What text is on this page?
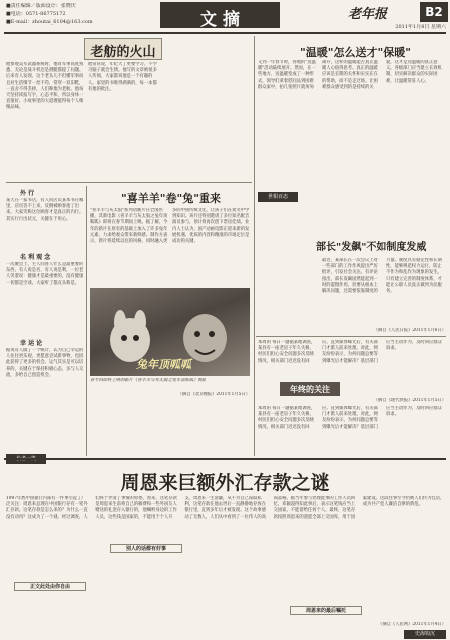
■责任编辑／版面设计：张晓庆
■电话：0571-86775172
■E-mail：zhoutai_6104@163.com	文 摘	老年报	B2
2011年1月8日 星期六
老舫的火山
他参观美军武器系统时，他对军事高度熟悉，无论是战斗机还是潜艇都提了问题。后来有人发现，这个老头儿不但懂军事而且对生活细节一丝不苟，常穿一双旧鞋，一直舍不得丢掉，人们称他为老舫。他每天坚持读报写字，心态平和，所以身体一直很好。小故事里的大道理值得每个人细细品味。
他常常说，年纪大了更要学习，不学习脑子就会生锈。他写的文章被很多人传阅，大家都说他是一个有趣的人。家里的书堆得满满的，每一本都有他的批注。
外 行
某天在一家书店，有人问店员某本书在哪里，店员答不上来，反倒被顾客指了出来。大家笑称这位顾客才是真正的内行。其实行行出状元，关键在于用心。
名 利 观 念
一次聚会上，主人问客人什么是最重要的东西，有人说是名，有人说是利，一位老人笑着说：健康才是最重要的，没有健康一切都是空谈。大家听了都点头称是。
幸 运 论
据说有人做了一个统计，认为自己幸运的人往往更乐观，更愿意尝试新事物，也因此获得了更多的机会。运气其实是可以培养的，关键在于保持积极心态，多与人交流，多给自己创造机会。
"喜羊羊"卷"兔"重来
"喜羊羊与灰太狼"系列动画片在全国热播，其新电影《喜羊羊与灰太狼之兔年顶呱呱》即将在春节期间上映。据了解，今年的新片在原有的基础上加入了许多兔年元素，力求给观众带来新鲜感。制作方表示，新片将延续以往的风格，同时融入更多的中国传统文化，让孩子们在欢笑中学到知识。该片还特别邀请了多位知名配音演员参与，预计将再次创下票房佳绩。业内人士认为，国产动画电影正迎来新的发展机遇，优质的内容和精准的市场定位是成功的关键。
兔年顶呱呱
春节档即将上映的新片《喜羊羊与灰太狼之兔年顶呱呱》海报
（摘自《北京晚报》2011年1月5日）
"温暖"怎么送才"保暖"
又到一年春节时，各地的"送温暖"活动陆续展开。然而，在一些地方，送温暖变成了一种形式，领导们拿着慰问品到困难群众家中，拍几张照片就匆匆离开，这样的温暖能否真正温暖人心值得思考。真正的温暖应该是长期的关怀和实实在在的帮助，而不是走过场。让困难群众感受到的是持续的关爱，这才是送温暖的真正意义。各级部门应当建立长效机制，切实解决群众的实际困难，让温暖常驻人心。
世相百态
部长"发飙"不如制度发威
最近，某部长在一次会议上对一些部门的工作作风提出严厉批评，引发社会关注。有评论指出，部长发飙固然能起到一时的震慑作用，但要从根本上解决问题，还需要依靠制度的力量。制度具有稳定性和长期性，能够规范权力运行，防止不作为和乱作为现象的发生。只有建立完善的制度体系，才能让公职人员真正做到为民服务。
（摘自《人民日报》2011年1月6日）
本周的 每日一题据某地调查，某县有一座老房子年久失修，村民们担心安全问题多次反映情况，相关部门迟迟没有回应。直到媒体曝光后，有关部门才派人前来处理。对此，网友纷纷表示，为何问题总要等到曝光后才能解决？基层部门应当主动作为，及时回应群众诉求。
年终的关注
（摘自《现代快报》2011年1月5日）
本周的 每日一题据某地调查，某县有一座老房子年久失修，村民们担心安全问题多次反映情况，相关部门迟迟没有回应。直到媒体曝光后，有关部门才派人前来处理。对此，网友纷纷表示，为何问题总要等到曝光后才能解决？基层部门应当主动作为，及时回应群众诉求。
周恩来巨额外汇存款之谜
1997年底中国银行内部有一件事引起了广泛关注：周恩来总理在中国银行存有一笔外汇存款。这笔存款是怎么来的？为什么一直没有动用？这成为了一个谜。经过调查，人们终于弄清了事情的原委。原来，这笔存款是周恩来生前将自己的稿费和一些外国友人赠送的礼金存入银行的，他嘱咐身边的工作人员，这些钱是国家的，不能用于个人开支。周恩来一生清廉，从不为自己谋取私利，这笔存款在他去世后一直静静地存放在银行里，直到多年后才被发现。这个故事感动了无数人，人们从中看到了一位伟人的高尚品格。据当年参与处理此事的工作人员回忆，邓颖超得知此事后，表示这笔钱应当上交国家，不能留给任何个人。最终，这笔存款按照周恩来的遗愿全部上交国库，用于国家建设。这段往事至今仍被人们传为佳话，成为共产党人廉洁自律的典范。
正文此处由你自由
别人的话都有好事
周恩来的最后嘱托
（摘自《人民网》2011年1月4日）
史海钩沉
